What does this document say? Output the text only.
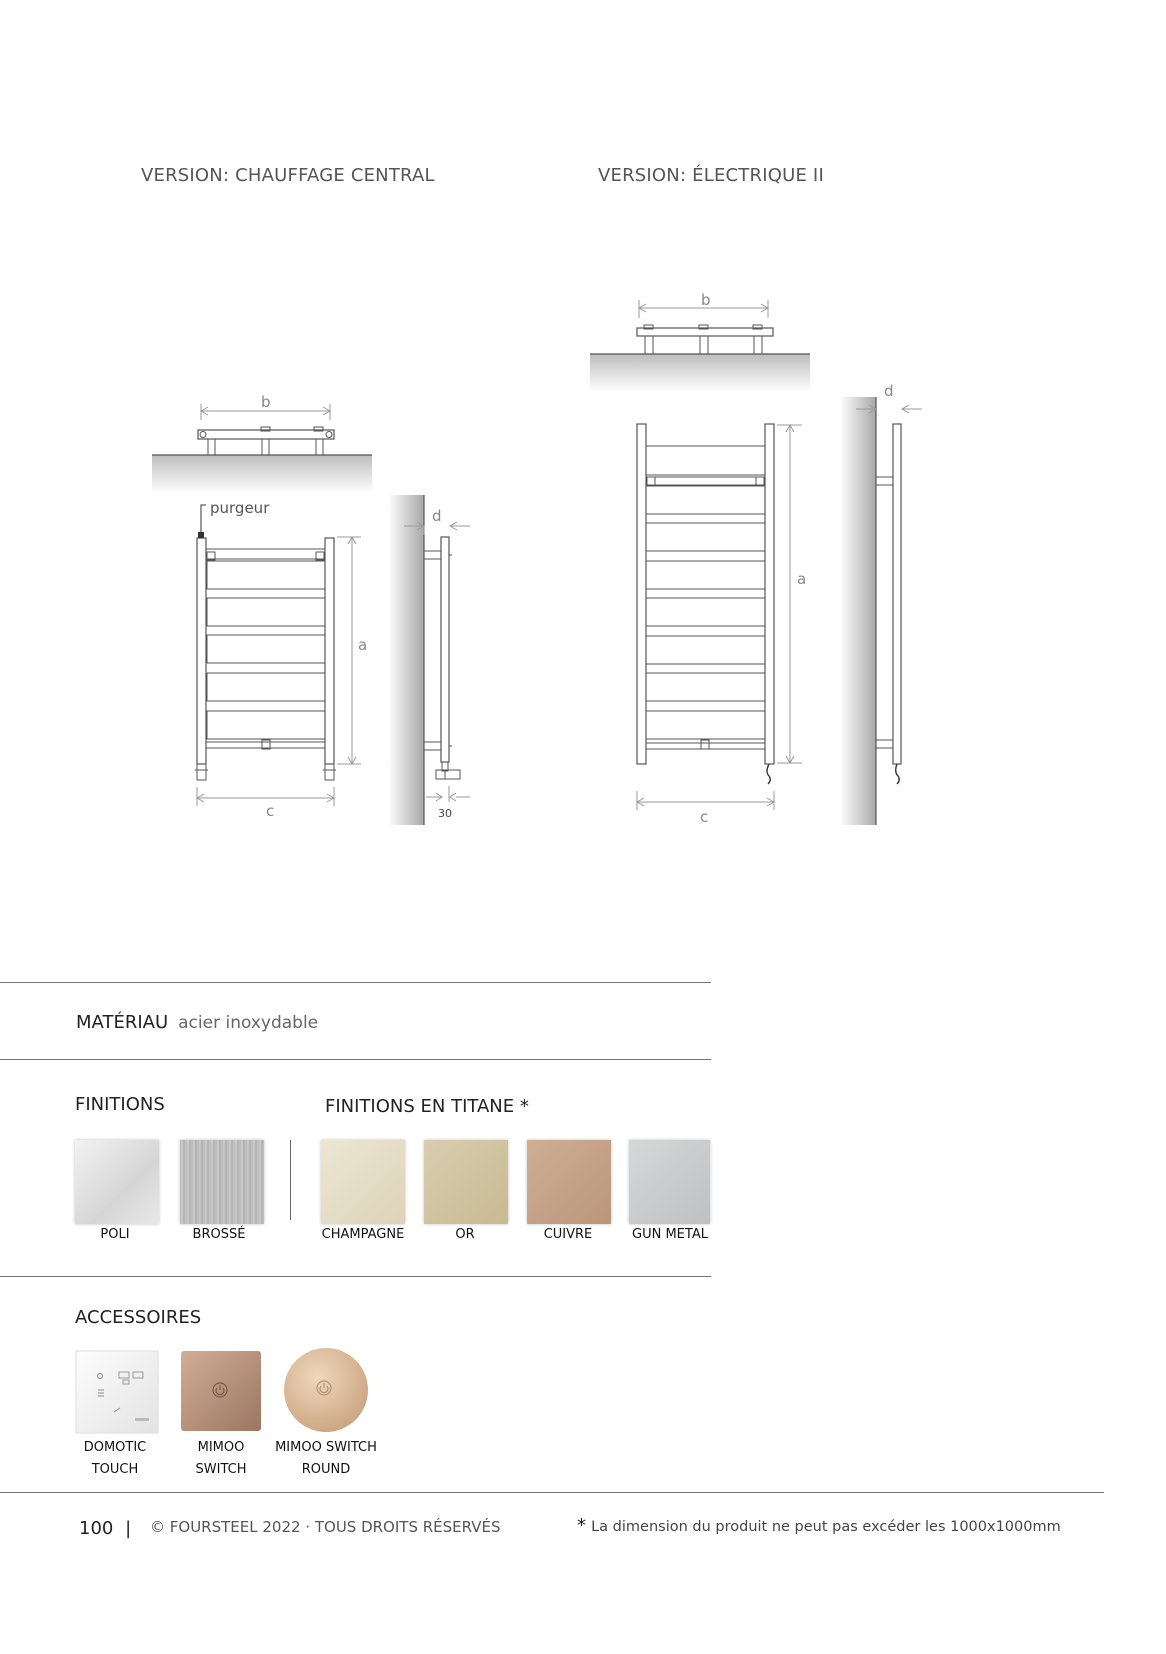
VERSION: CHAUFFAGE CENTRAL	VERSION: ÉLECTRIQUE II
b
purgeur
a
c
d
30
b
a
c
d
MATÉRIAU acier inoxydable
FINITIONS	FINITIONS EN TITANE *
POLI	BROSSÉ	CHAMPAGNE	OR	CUIVRE	GUN METAL
ACCESSOIRES
DOMOTIC
TOUCH
MIMOO
SWITCH
MIMOO SWITCH
ROUND
100 | © FOURSTEEL 2022 · TOUS DROITS RÉSERVÉS	* La dimension du produit ne peut pas excéder les 1000x1000mm
